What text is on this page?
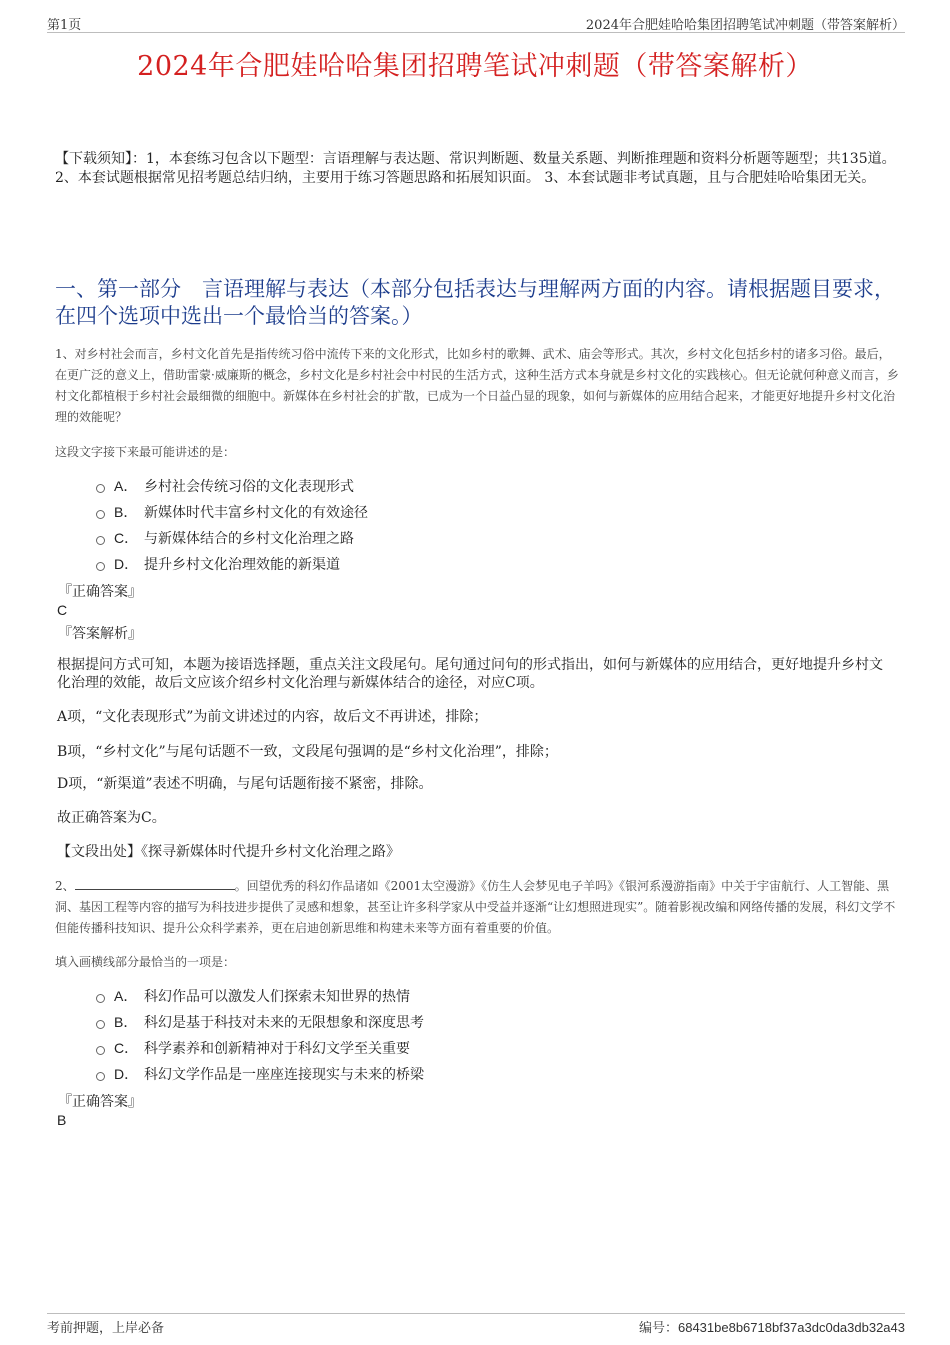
第1页	2024年合肥娃哈哈集团招聘笔试冲刺题（带答案解析）
2024年合肥娃哈哈集团招聘笔试冲刺题（带答案解析）
【下载须知】：1，本套练习包含以下题型：言语理解与表达题、常识判断题、数量关系题、判断推理题和资料分析题等题型；共135道。 2、本套试题根据常见招考题总结归纳，主要用于练习答题思路和拓展知识面。 3、本套试题非考试真题，且与合肥娃哈哈集团无关。
一、第一部分　言语理解与表达（本部分包括表达与理解两方面的内容。请根据题目要求，在四个选项中选出一个最恰当的答案。）
1、对乡村社会而言，乡村文化首先是指传统习俗中流传下来的文化形式，比如乡村的歌舞、武术、庙会等形式。其次，乡村文化包括乡村的诸多习俗。最后，在更广泛的意义上，借助雷蒙·威廉斯的概念，乡村文化是乡村社会中村民的生活方式，这种生活方式本身就是乡村文化的实践核心。但无论就何种意义而言，乡村文化都植根于乡村社会最细微的细胞中。新媒体在乡村社会的扩散，已成为一个日益凸显的现象，如何与新媒体的应用结合起来，才能更好地提升乡村文化治理的效能呢？
这段文字接下来最可能讲述的是：
A． 乡村社会传统习俗的文化表现形式
B． 新媒体时代丰富乡村文化的有效途径
C． 与新媒体结合的乡村文化治理之路
D． 提升乡村文化治理效能的新渠道
『正确答案』
C
『答案解析』
根据提问方式可知，本题为接语选择题，重点关注文段尾句。尾句通过问句的形式指出，如何与新媒体的应用结合，更好地提升乡村文化治理的效能，故后文应该介绍乡村文化治理与新媒体结合的途径，对应C项。
A项，“文化表现形式”为前文讲述过的内容，故后文不再讲述，排除；
B项，“乡村文化”与尾句话题不一致，文段尾句强调的是“乡村文化治理”，排除；
D项，“新渠道”表述不明确，与尾句话题衔接不紧密，排除。
故正确答案为C。
【文段出处】《探寻新媒体时代提升乡村文化治理之路》
2、	。回望优秀的科幻作品诸如《2001太空漫游》《仿生人会梦见电子羊吗》《银河系漫游指南》中关于宇宙航行、人工智能、黑洞、基因工程等内容的描写为科技进步提供了灵感和想象，甚至让许多科学家从中受益并逐渐“让幻想照进现实”。随着影视改编和网络传播的发展，科幻文学不但能传播科技知识、提升公众科学素养，更在启迪创新思维和构建未来等方面有着重要的价值。
填入画横线部分最恰当的一项是：
A． 科幻作品可以激发人们探索未知世界的热情
B． 科幻是基于科技对未来的无限想象和深度思考
C． 科学素养和创新精神对于科幻文学至关重要
D． 科幻文学作品是一座座连接现实与未来的桥梁
『正确答案』
B
考前押题，上岸必备	编号：68431be8b6718bf37a3dc0da3db32a43
